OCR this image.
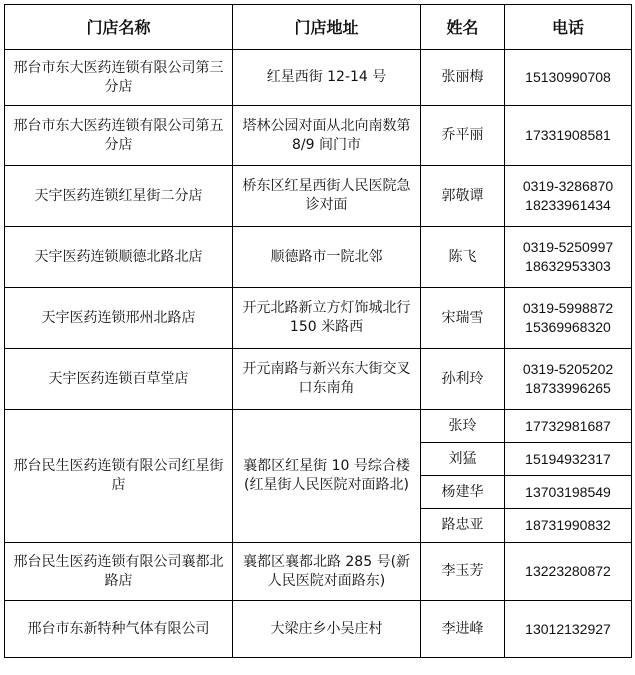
门店名称	门店地址	姓名	电话
邢台市东大医药连锁有限公司第三分店	红星西街 12-14 号	张丽梅	15130990708

邢台市东大医药连锁有限公司第五分店	塔林公园对面从北向南数第 8/9 间门市	乔平丽	17331908581

天宇医药连锁红星街二分店	桥东区红星西街人民医院急诊对面	郭敬谭	0319-3286870
18233961434

天宇医药连锁顺德北路北店	顺德路市一院北邻	陈飞	0319-5250997
18632953303

天宇医药连锁邢州北路店	开元北路新立方灯饰城北行 150 米路西	宋瑞雪	0319-5998872
15369968320

天宇医药连锁百草堂店	开元南路与新兴东大街交叉口东南角	孙利玲	0319-5205202
18733996265

邢台民生医药连锁有限公司红星街店	襄都区红星街 10 号综合楼(红星街人民医院对面路北)	张玲	17732981687

		刘猛	15194932317

		杨建华	13703198549

		路忠亚	18731990832

邢台民生医药连锁有限公司襄都北路店	襄都区襄都北路 285 号(新人民医院对面路东)	李玉芳	13223280872

邢台市东新特种气体有限公司	大梁庄乡小吴庄村	李进峰	13012132927
